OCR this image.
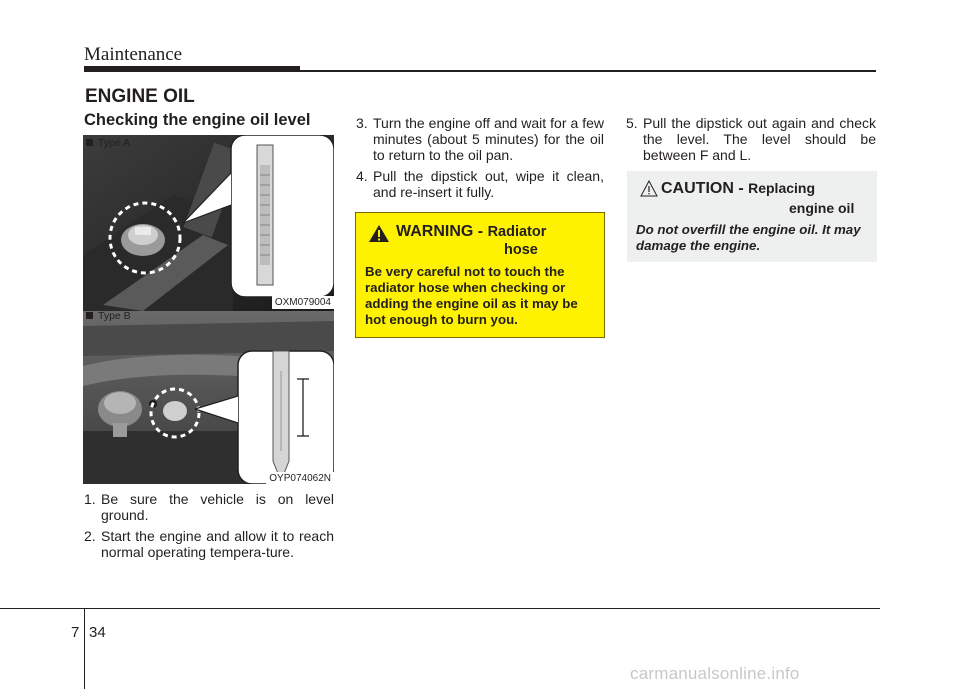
Maintenance
ENGINE OIL
Checking the engine oil level
Type A
OXM079004
Type B
OYP074062N
1. Be sure the vehicle is on level ground.
2. Start the engine and allow it to reach normal operating tempera-ture.
3. Turn the engine off and wait for a few minutes (about 5 minutes) for the oil to return to the oil pan.
4. Pull the dipstick out, wipe it clean, and re-insert it fully.
WARNING - Radiator
hose
Be very careful not to touch the radiator hose when checking or adding the engine oil as it may be hot enough to burn you.
5. Pull the dipstick out again and check the level. The level should be between F and L.
CAUTION - Replacing
engine oil
Do not overfill the engine oil. It may damage the engine.
7 34
carmanualsonline.info
